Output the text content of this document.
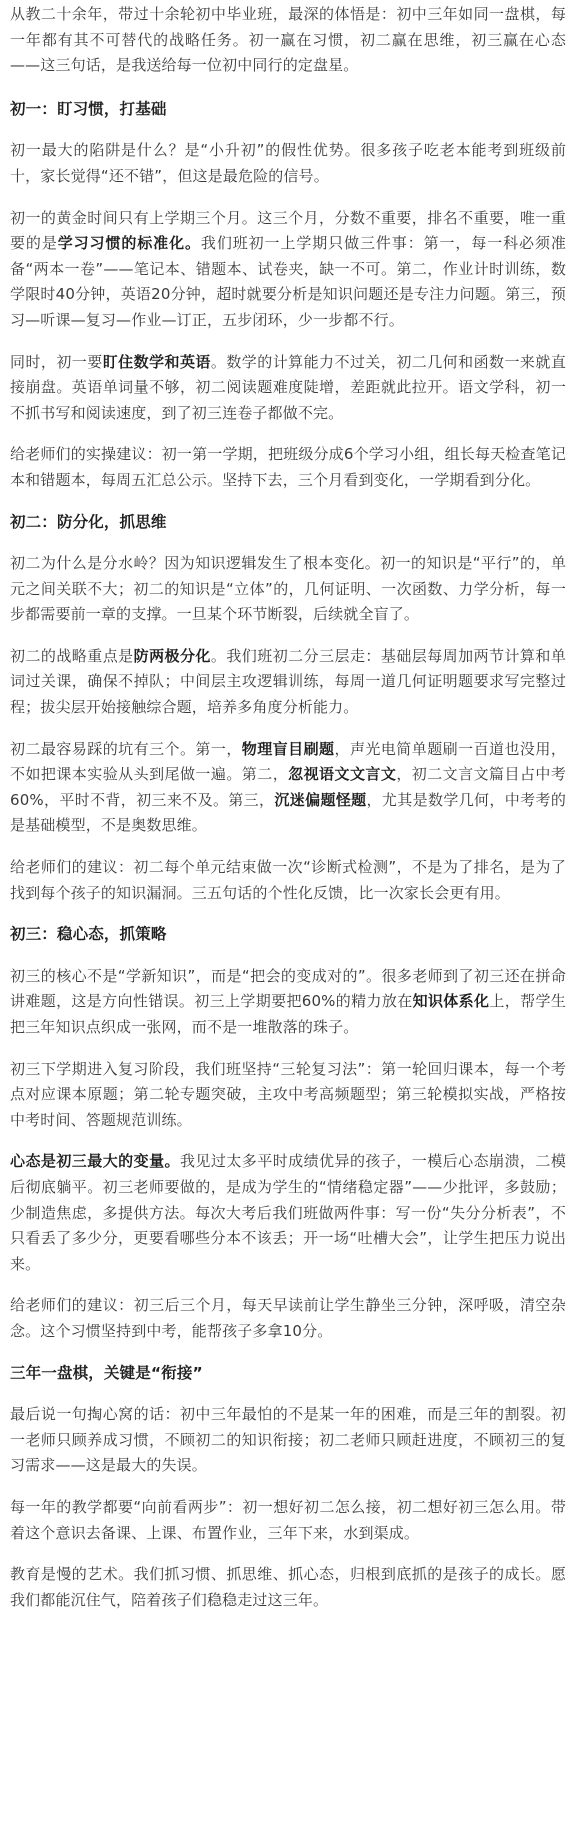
从教二十余年，带过十余轮初中毕业班，最深的体悟是：初中三年如同一盘棋，每一年都有其不可替代的战略任务。初一赢在习惯，初二赢在思维，初三赢在心态——这三句话，是我送给每一位初中同行的定盘星。

初一：盯习惯，打基础

初一最大的陷阱是什么？是“小升初”的假性优势。很多孩子吃老本能考到班级前十，家长觉得“还不错”，但这是最危险的信号。

初一的黄金时间只有上学期三个月。这三个月，分数不重要，排名不重要，唯一重要的是学习习惯的标准化。我们班初一上学期只做三件事：第一，每一科必须准备“两本一卷”——笔记本、错题本、试卷夹，缺一不可。第二，作业计时训练，数学限时40分钟，英语20分钟，超时就要分析是知识问题还是专注力问题。第三，预习—听课—复习—作业—订正，五步闭环，少一步都不行。

同时，初一要盯住数学和英语。数学的计算能力不过关，初二几何和函数一来就直接崩盘。英语单词量不够，初二阅读题难度陡增，差距就此拉开。语文学科，初一不抓书写和阅读速度，到了初三连卷子都做不完。

给老师们的实操建议：初一第一学期，把班级分成6个学习小组，组长每天检查笔记本和错题本，每周五汇总公示。坚持下去，三个月看到变化，一学期看到分化。

初二：防分化，抓思维

初二为什么是分水岭？因为知识逻辑发生了根本变化。初一的知识是“平行”的，单元之间关联不大；初二的知识是“立体”的，几何证明、一次函数、力学分析，每一步都需要前一章的支撑。一旦某个环节断裂，后续就全盲了。

初二的战略重点是防两极分化。我们班初二分三层走：基础层每周加两节计算和单词过关课，确保不掉队；中间层主攻逻辑训练，每周一道几何证明题要求写完整过程；拔尖层开始接触综合题，培养多角度分析能力。

初二最容易踩的坑有三个。第一，物理盲目刷题，声光电简单题刷一百道也没用，不如把课本实验从头到尾做一遍。第二，忽视语文文言文，初二文言文篇目占中考60%，平时不背，初三来不及。第三，沉迷偏题怪题，尤其是数学几何，中考考的是基础模型，不是奥数思维。

给老师们的建议：初二每个单元结束做一次“诊断式检测”，不是为了排名，是为了找到每个孩子的知识漏洞。三五句话的个性化反馈，比一次家长会更有用。

初三：稳心态，抓策略

初三的核心不是“学新知识”，而是“把会的变成对的”。很多老师到了初三还在拼命讲难题，这是方向性错误。初三上学期要把60%的精力放在知识体系化上，帮学生把三年知识点织成一张网，而不是一堆散落的珠子。

初三下学期进入复习阶段，我们班坚持“三轮复习法”：第一轮回归课本，每一个考点对应课本原题；第二轮专题突破，主攻中考高频题型；第三轮模拟实战，严格按中考时间、答题规范训练。

心态是初三最大的变量。我见过太多平时成绩优异的孩子，一模后心态崩溃，二模后彻底躺平。初三老师要做的，是成为学生的“情绪稳定器”——少批评，多鼓励；少制造焦虑，多提供方法。每次大考后我们班做两件事：写一份“失分分析表”，不只看丢了多少分，更要看哪些分本不该丢；开一场“吐槽大会”，让学生把压力说出来。

给老师们的建议：初三后三个月，每天早读前让学生静坐三分钟，深呼吸，清空杂念。这个习惯坚持到中考，能帮孩子多拿10分。

三年一盘棋，关键是“衔接”

最后说一句掏心窝的话：初中三年最怕的不是某一年的困难，而是三年的割裂。初一老师只顾养成习惯，不顾初二的知识衔接；初二老师只顾赶进度，不顾初三的复习需求——这是最大的失误。

每一年的教学都要“向前看两步”：初一想好初二怎么接，初二想好初三怎么用。带着这个意识去备课、上课、布置作业，三年下来，水到渠成。

教育是慢的艺术。我们抓习惯、抓思维、抓心态，归根到底抓的是孩子的成长。愿我们都能沉住气，陪着孩子们稳稳走过这三年。
